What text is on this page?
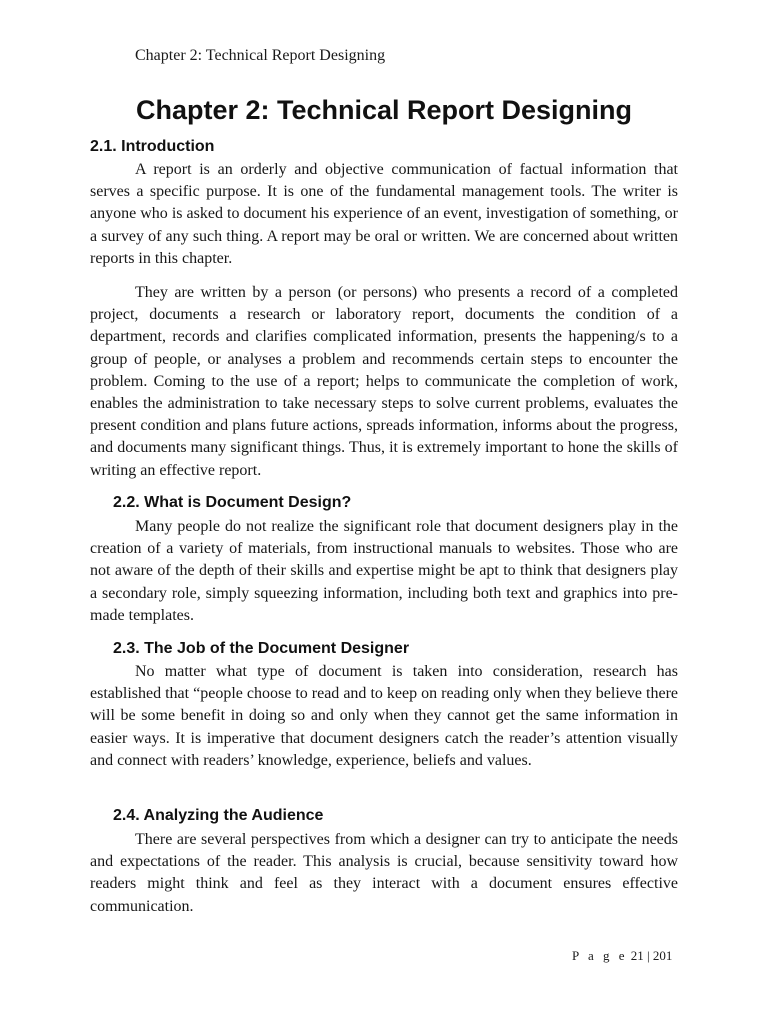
Chapter 2: Technical Report Designing
Chapter 2: Technical Report Designing
2.1. Introduction

A report is an orderly and objective communication of factual information that serves a specific purpose. It is one of the fundamental management tools. The writer is anyone who is asked to document his experience of an event, investigation of something, or a survey of any such thing. A report may be oral or written. We are concerned about written reports in this chapter.

They are written by a person (or persons) who presents a record of a completed project, documents a research or laboratory report, documents the condition of a department, records and clarifies complicated information, presents the happening/s to a group of people, or analyses a problem and recommends certain steps to encounter the problem. Coming to the use of a report; helps to communicate the completion of work, enables the administration to take necessary steps to solve current problems, evaluates the present condition and plans future actions, spreads information, informs about the progress, and documents many significant things. Thus, it is extremely important to hone the skills of writing an effective report.

2.2. What is Document Design?

Many people do not realize the significant role that document designers play in the creation of a variety of materials, from instructional manuals to websites. Those who are not aware of the depth of their skills and expertise might be apt to think that designers play a secondary role, simply squeezing information, including both text and graphics into pre-made templates.

2.3. The Job of the Document Designer

No matter what type of document is taken into consideration, research has established that “people choose to read and to keep on reading only when they believe there will be some benefit in doing so and only when they cannot get the same information in easier ways. It is imperative that document designers catch the reader’s attention visually and connect with readers’ knowledge, experience, beliefs and values.

2.4. Analyzing the Audience

There are several perspectives from which a designer can try to anticipate the needs and expectations of the reader. This analysis is crucial, because sensitivity toward how readers might think and feel as they interact with a document ensures effective communication.

P a g e 21 | 201
